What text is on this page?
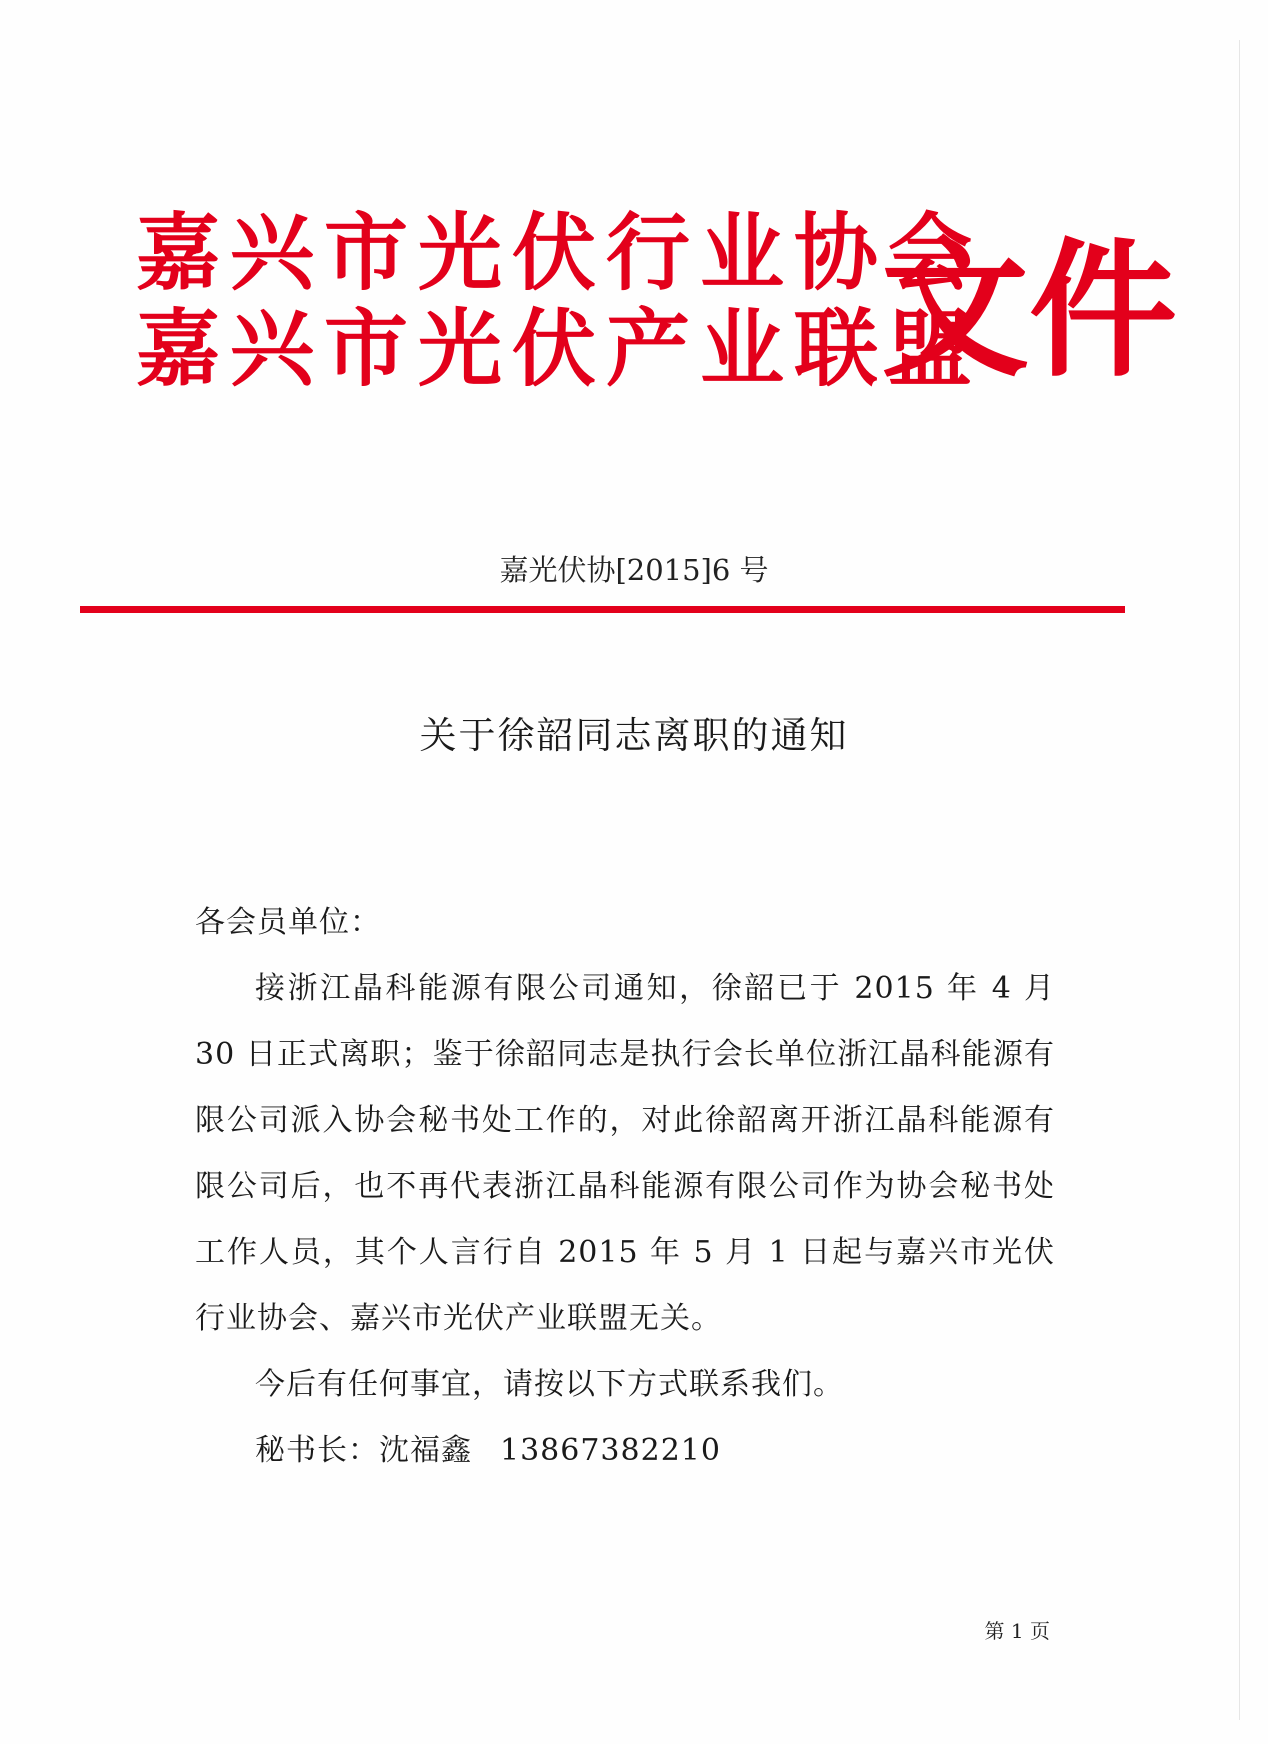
嘉兴市光伏行业协会
嘉兴市光伏产业联盟
文件
嘉光伏协[2015]6 号
关于徐韶同志离职的通知

各会员单位：

接浙江晶科能源有限公司通知，徐韶已于 2015 年 4 月 30 日正式离职；鉴于徐韶同志是执行会长单位浙江晶科能源有限公司派入协会秘书处工作的，对此徐韶离开浙江晶科能源有限公司后，也不再代表浙江晶科能源有限公司作为协会秘书处工作人员，其个人言行自 2015 年 5 月 1 日起与嘉兴市光伏行业协会、嘉兴市光伏产业联盟无关。

今后有任何事宜，请按以下方式联系我们。

秘书长：沈福鑫 13867382210

第 1 页
